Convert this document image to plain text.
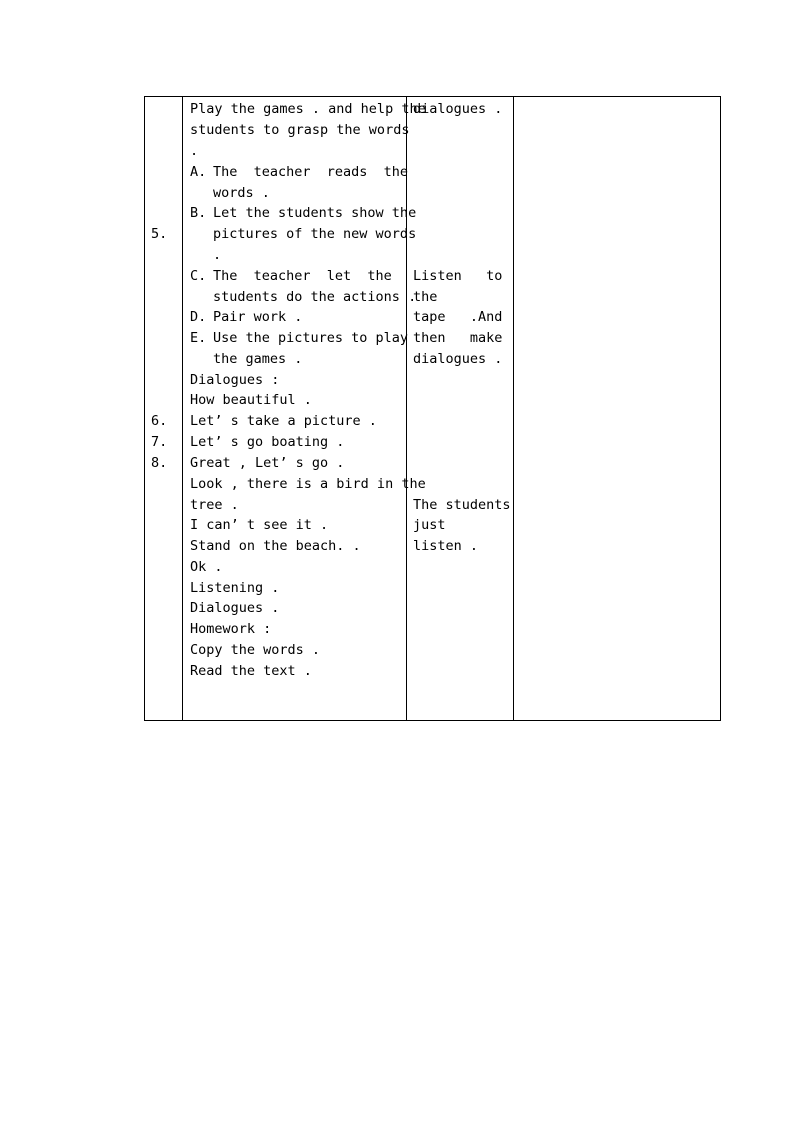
5.
6.
7.
8.
Play the games . and help the
students to grasp the words
.
A. The  teacher  reads  the
words .
B. Let the students show the
pictures of the new words
.
C. The  teacher  let  the
students do the actions .
D. Pair work .
E. Use the pictures to play
the games .
Dialogues :
How beautiful .
Let’ s take a picture .
Let’ s go boating .
Great , Let’ s go .
Look , there is a bird in the
tree .
I can’ t see it .
Stand on the beach. .
Ok .
Listening .
Dialogues .
Homework :
Copy the words .
Read the text .
dialogues .
Listen   to
the
tape   .And
then   make
dialogues .
The students
just
listen .
